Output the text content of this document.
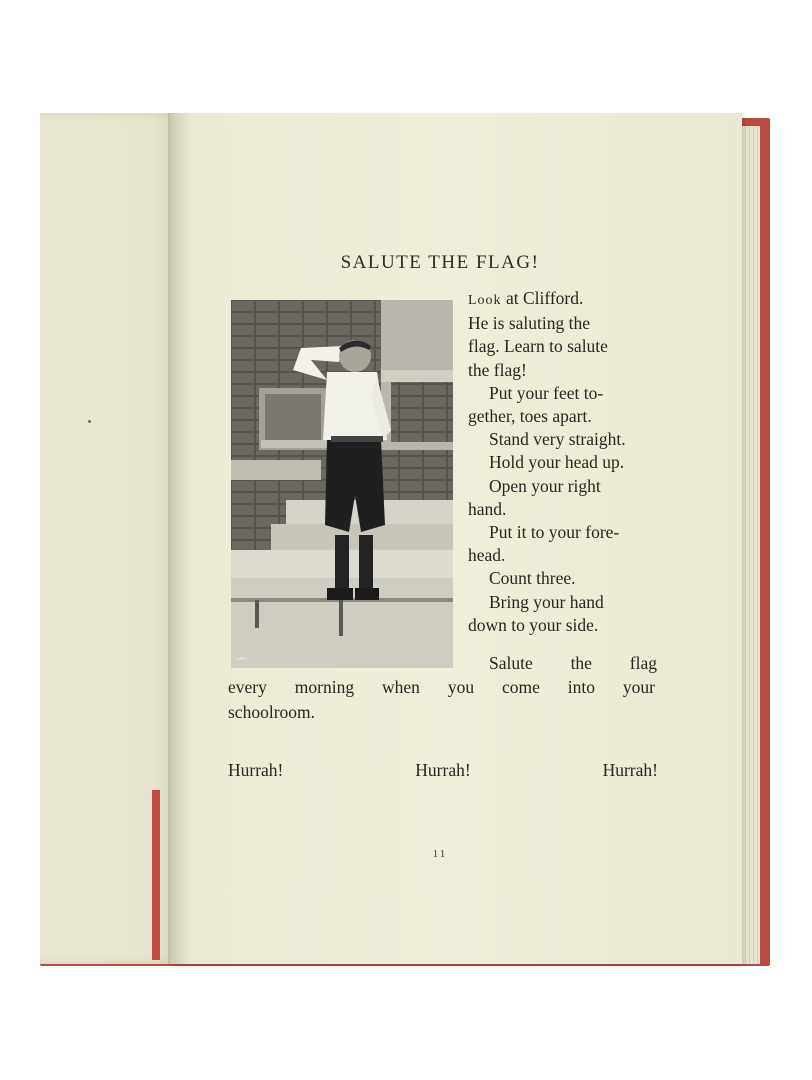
SALUTE THE FLAG!
~•~
Look at Clifford.
He is saluting the
flag. Learn to salute
the flag!
Put your feet to-
gether, toes apart.
Stand very straight.
Hold your head up.
Open your right
hand.
Put it to your fore-
head.
Count three.
Bring your hand
down to your side.
Salute the flag
every morning when you come into your
schoolroom.
Hurrah!	Hurrah!	Hurrah!
11
